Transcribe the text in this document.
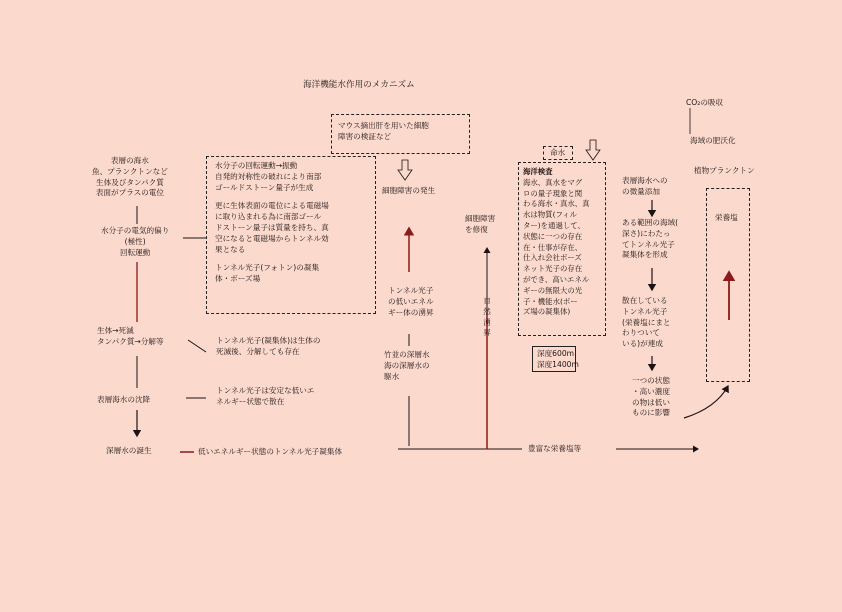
海洋機能水作用のメカニズム
CO₂の吸収
海域の肥沃化
マウス摘出肝を用いた細胞
障害の検証など
細胞障害の発生
細胞障害
を修復
自
然
湧
昇
トンネル光子
の低いエネル
ギー体の湧昇
竹並の深層水
海の深層水の
駆水
表層の海水
魚、プランクトンなど
生体及びタンパク質
表面がプラスの電位
水分子の電気的偏り
(極性)
回転運動
生体→死滅
タンパク質→分解等
表層海水の沈降
深層水の誕生
水分子の回転運動→振動
自発的対称性の破れにより南部
ゴールドストーン量子が生成
更に生体表面の電位による電磁場
に取り込まれる為に南部ゴール
ドストーン量子は質量を持ち、真
空になると電磁場からトンネル効
果となる
トンネル光子(フォトン)の凝集
体・ボーズ場
トンネル光子(凝集体)は生体の
死滅後、分解しても存在
トンネル光子は安定な低いエ
ネルギー状態で散在
低いエネルギー状態のトンネル光子凝集体	豊富な栄養塩等
命水
海洋検査
海水、真水をマグ
ロの量子現象と関
わる海水・真水、真
水は物質(フィル
ター)を通過して、
状態に一つの存在
在・仕事が存在、
仕入れ会社ボーズ
ネット光子の存在
ができ、高いエネル
ギーの無限大の光
子・機能水(ボー
ズ場の凝集体)
深度600m
深度1400m
表層海水への
の微量添加
植物プランクトン
栄養塩
ある範囲の海域(
深さ)にわたっ
てトンネル光子
凝集体を形成
散在している
トンネル光子
(栄養塩にまと
わりついて
いる)が連成
一つの状態
・高い濃度
の物は低い
ものに影響
